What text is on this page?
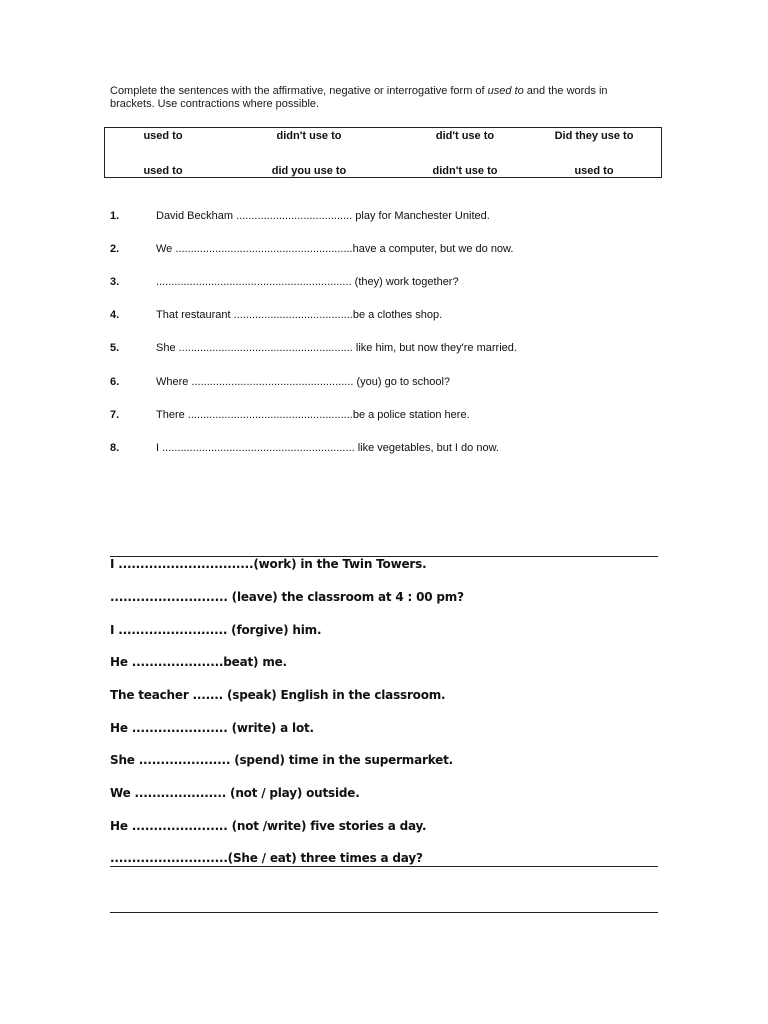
Complete the sentences with the affirmative, negative or interrogative form of used to and the words in brackets. Use contractions where possible.
used to	didn't use to	did't use to	Did they use to
used to	did you use to	didn't use to	used to
1.	David Beckham ...................................... play for Manchester United.
2.	We ..........................................................have a computer, but we do now.
3.	................................................................ (they) work together?
4.	That restaurant .......................................be a clothes shop.
5.	She ......................................................... like him, but now they're married.
6.	Where ..................................................... (you) go to school?
7.	There ......................................................be a police station here.
8.	I ............................................................... like vegetables, but I do now.
I ...............................(work) in the Twin Towers.
........................... (leave) the classroom at 4 : 00 pm?
I ......................... (forgive) him.
He .....................beat) me.
The teacher ....... (speak) English in the classroom.
He ...................... (write) a lot.
She ..................... (spend) time in the supermarket.
We ..................... (not / play) outside.
He ...................... (not /write) five stories a day.
...........................(She / eat) three times a day?
